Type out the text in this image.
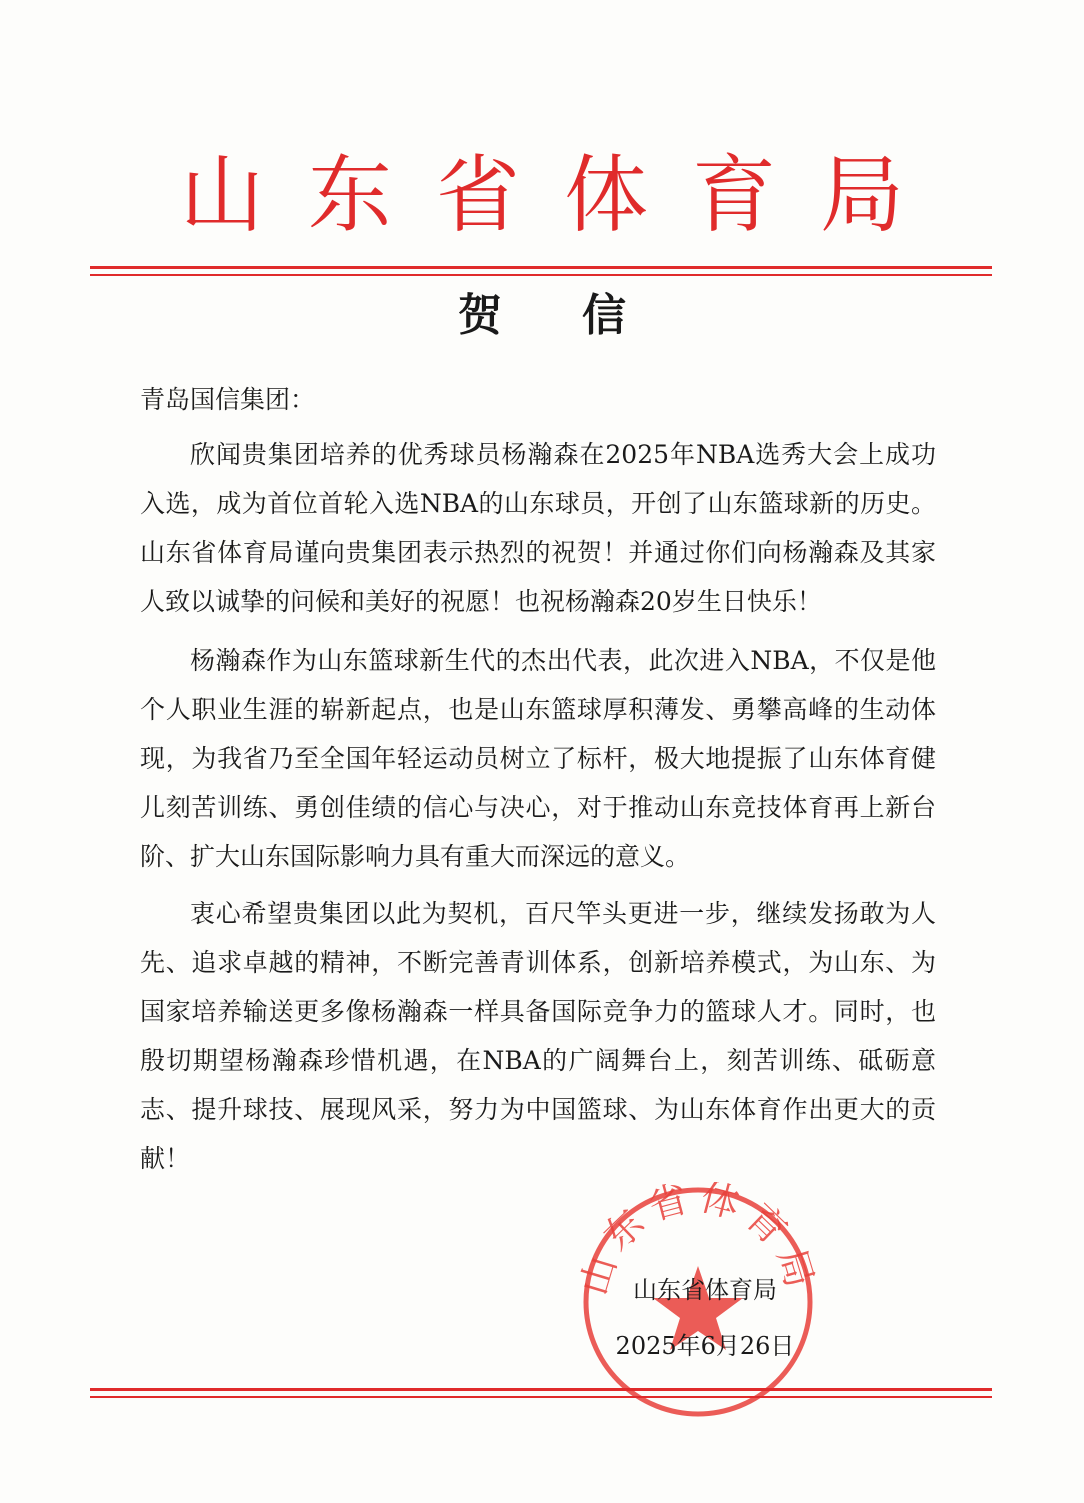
山东省体育局
贺信
青岛国信集团：

欣闻贵集团培养的优秀球员杨瀚森在2025年NBA选秀大会上成功入选，成为首位首轮入选NBA的山东球员，开创了山东篮球新的历史。山东省体育局谨向贵集团表示热烈的祝贺！并通过你们向杨瀚森及其家人致以诚挚的问候和美好的祝愿！也祝杨瀚森20岁生日快乐！

杨瀚森作为山东篮球新生代的杰出代表，此次进入NBA，不仅是他个人职业生涯的崭新起点，也是山东篮球厚积薄发、勇攀高峰的生动体现，为我省乃至全国年轻运动员树立了标杆，极大地提振了山东体育健儿刻苦训练、勇创佳绩的信心与决心，对于推动山东竞技体育再上新台阶、扩大山东国际影响力具有重大而深远的意义。

衷心希望贵集团以此为契机，百尺竿头更进一步，继续发扬敢为人先、追求卓越的精神，不断完善青训体系，创新培养模式，为山东、为国家培养输送更多像杨瀚森一样具备国际竞争力的篮球人才。同时，也殷切期望杨瀚森珍惜机遇，在NBA的广阔舞台上，刻苦训练、砥砺意志、提升球技、展现风采，努力为中国篮球、为山东体育作出更大的贡献！

东省体育
山东省体育局
2025年6月26日
